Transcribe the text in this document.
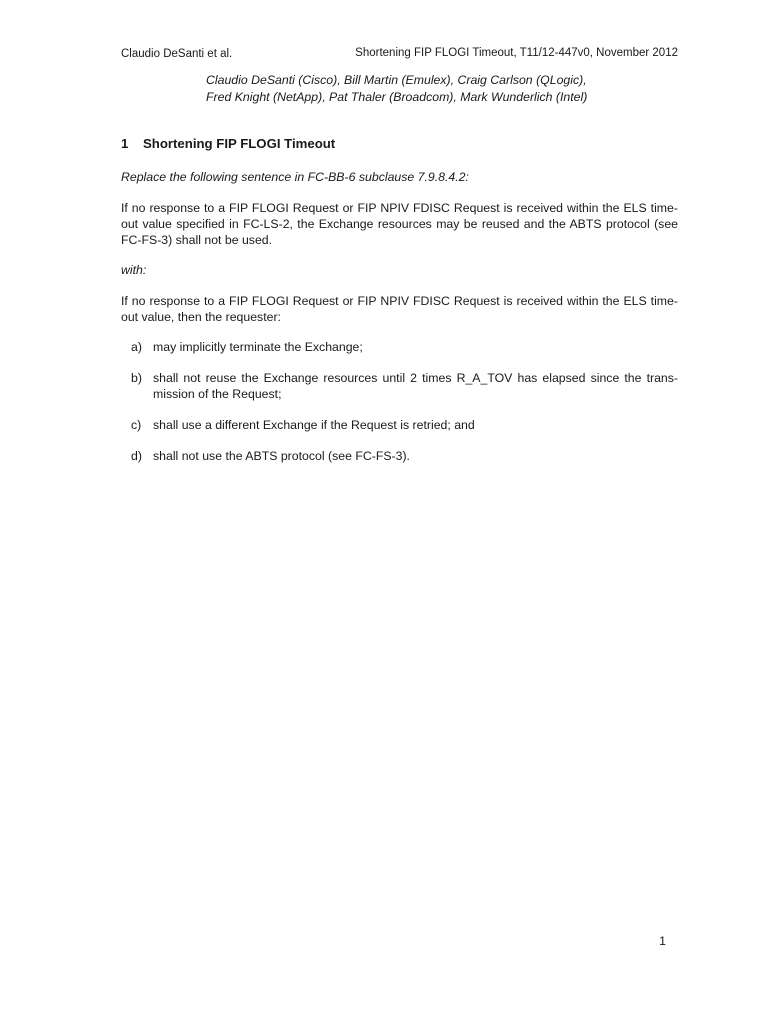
Claudio DeSanti et al.	Shortening FIP FLOGI Timeout, T11/12-447v0, November 2012
Claudio DeSanti (Cisco), Bill Martin (Emulex), Craig Carlson (QLogic),
Fred Knight (NetApp), Pat Thaler (Broadcom), Mark Wunderlich (Intel)
1 Shortening FIP FLOGI Timeout
Replace the following sentence in FC-BB-6 subclause 7.9.8.4.2:
If no response to a FIP FLOGI Request or FIP NPIV FDISC Request is received within the ELS time-
out value specified in FC-LS-2, the Exchange resources may be reused and the ABTS protocol (see
FC-FS-3) shall not be used.
with:
If no response to a FIP FLOGI Request or FIP NPIV FDISC Request is received within the ELS time-
out value, then the requester:
a) may implicitly terminate the Exchange;
b) shall not reuse the Exchange resources until 2 times R_A_TOV has elapsed since the trans-
mission of the Request;
c) shall use a different Exchange if the Request is retried; and
d) shall not use the ABTS protocol (see FC-FS-3).
1
